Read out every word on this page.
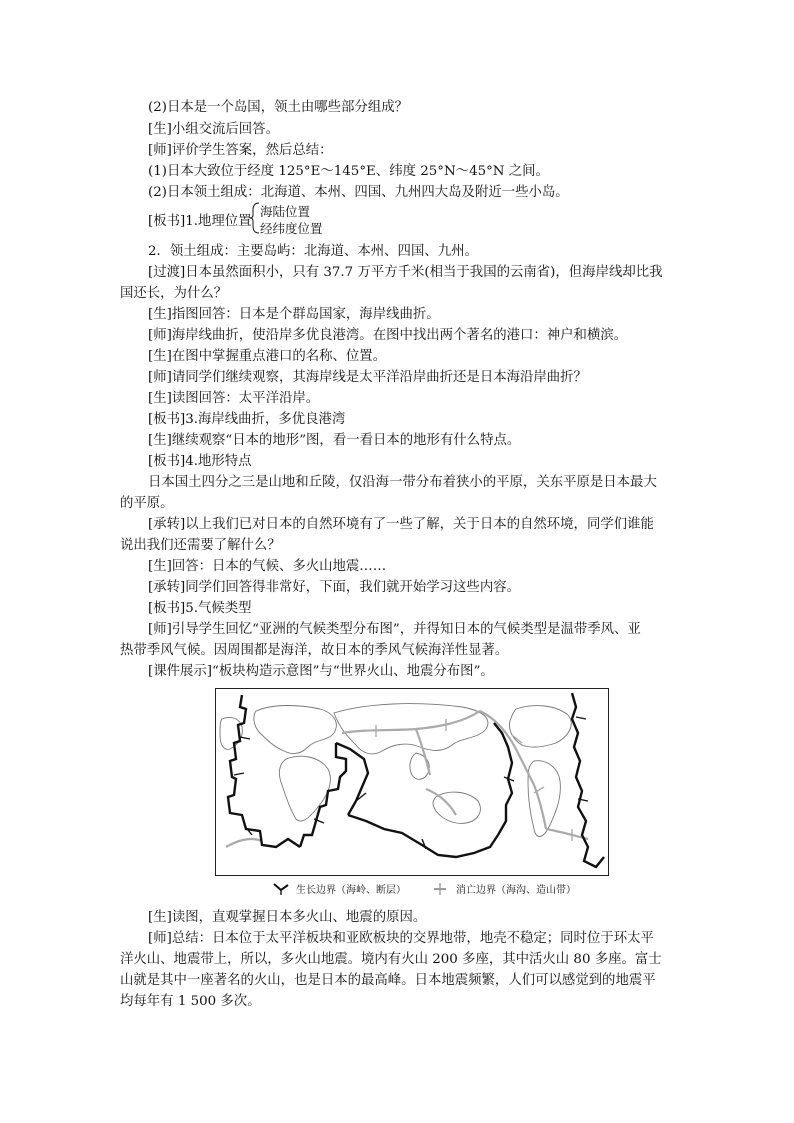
(2)日本是一个岛国，领土由哪些部分组成？
[生]小组交流后回答。
[师]评价学生答案，然后总结：
(1)日本大致位于经度 125°E～145°E、纬度 25°N～45°N 之间。
(2)日本领土组成：北海道、本州、四国、九州四大岛及附近一些小岛。
[板书]1.地理位置
海陆位置
经纬度位置
2．领土组成：主要岛屿：北海道、本州、四国、九州。
[过渡]日本虽然面积小，只有 37.7 万平方千米(相当于我国的云南省)，但海岸线却比我
国还长，为什么？
[生]指图回答：日本是个群岛国家，海岸线曲折。
[师]海岸线曲折，使沿岸多优良港湾。在图中找出两个著名的港口：神户和横滨。
[生]在图中掌握重点港口的名称、位置。
[师]请同学们继续观察，其海岸线是太平洋沿岸曲折还是日本海沿岸曲折？
[生]读图回答：太平洋沿岸。
[板书]3.海岸线曲折，多优良港湾
[生]继续观察“日本的地形”图，看一看日本的地形有什么特点。
[板书]4.地形特点
日本国土四分之三是山地和丘陵，仅沿海一带分布着狭小的平原，关东平原是日本最大
的平原。
[承转]以上我们已对日本的自然环境有了一些了解，关于日本的自然环境，同学们谁能
说出我们还需要了解什么？
[生]回答：日本的气候、多火山地震……
[承转]同学们回答得非常好，下面，我们就开始学习这些内容。
[板书]5.气候类型
[师]引导学生回忆“亚洲的气候类型分布图”，并得知日本的气候类型是温带季风、亚
热带季风气候。因周围都是海洋，故日本的季风气候海洋性显著。
[课件展示]“板块构造示意图”与“世界火山、地震分布图”。
生长边界（海岭、断层）	消亡边界（海沟、造山带）
[生]读图，直观掌握日本多火山、地震的原因。
[师]总结：日本位于太平洋板块和亚欧板块的交界地带，地壳不稳定；同时位于环太平
洋火山、地震带上，所以，多火山地震。境内有火山 200 多座，其中活火山 80 多座。富士
山就是其中一座著名的火山，也是日本的最高峰。日本地震频繁，人们可以感觉到的地震平
均每年有 1 500 多次。
